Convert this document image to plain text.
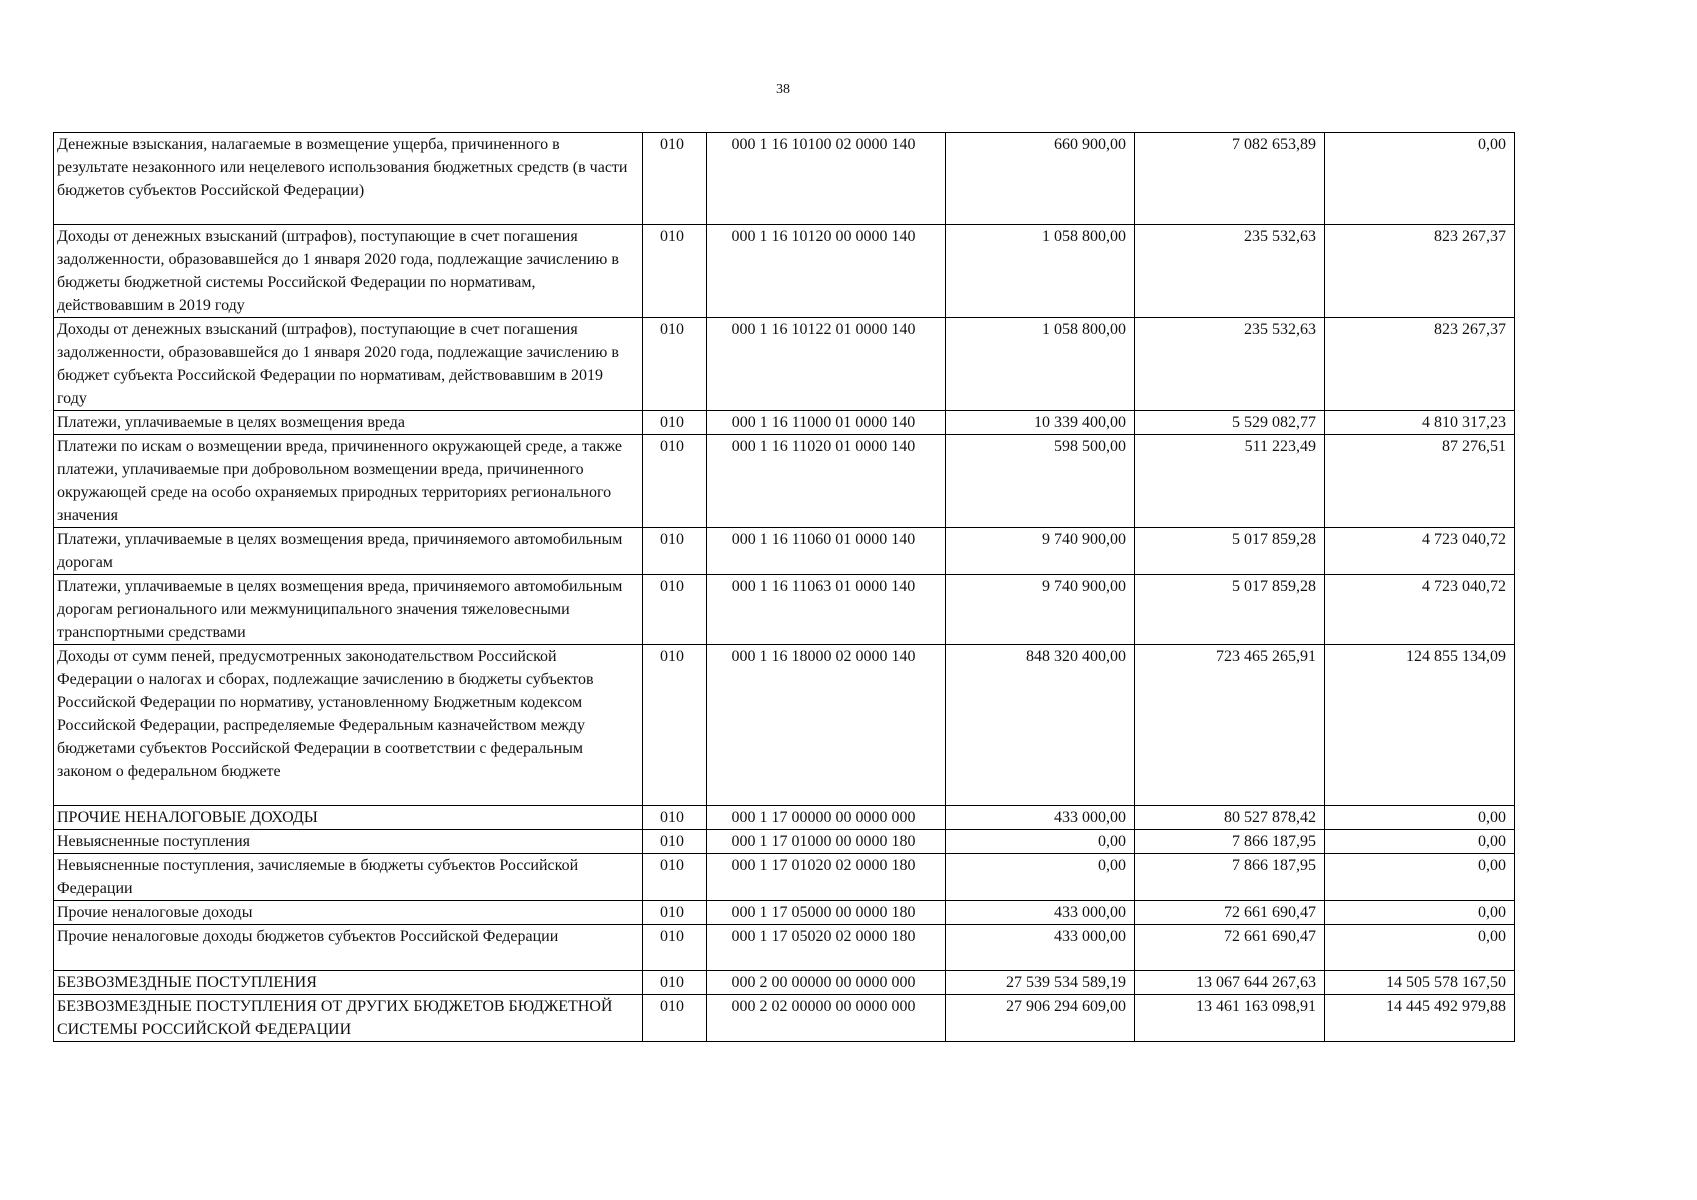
38
Денежные взыскания, налагаемые в возмещение ущерба, причиненного в результате незаконного или нецелевого использования бюджетных средств (в части бюджетов субъектов Российской Федерации)	010	000 1 16 10100 02 0000 140	660 900,00	7 082 653,89	0,00
Доходы от денежных взысканий (штрафов), поступающие в счет погашения задолженности, образовавшейся до 1 января 2020 года, подлежащие зачислению в бюджеты бюджетной системы Российской Федерации по нормативам, действовавшим в 2019 году	010	000 1 16 10120 00 0000 140	1 058 800,00	235 532,63	823 267,37
Доходы от денежных взысканий (штрафов), поступающие в счет погашения задолженности, образовавшейся до 1 января 2020 года, подлежащие зачислению в бюджет субъекта Российской Федерации по нормативам, действовавшим в 2019 году	010	000 1 16 10122 01 0000 140	1 058 800,00	235 532,63	823 267,37
Платежи, уплачиваемые в целях возмещения вреда	010	000 1 16 11000 01 0000 140	10 339 400,00	5 529 082,77	4 810 317,23
Платежи по искам о возмещении вреда, причиненного окружающей среде, а также платежи, уплачиваемые при добровольном возмещении вреда, причиненного окружающей среде на особо охраняемых природных территориях регионального значения	010	000 1 16 11020 01 0000 140	598 500,00	511 223,49	87 276,51
Платежи, уплачиваемые в целях возмещения вреда, причиняемого автомобильным дорогам	010	000 1 16 11060 01 0000 140	9 740 900,00	5 017 859,28	4 723 040,72
Платежи, уплачиваемые в целях возмещения вреда, причиняемого автомобильным дорогам регионального или межмуниципального значения тяжеловесными транспортными средствами	010	000 1 16 11063 01 0000 140	9 740 900,00	5 017 859,28	4 723 040,72
Доходы от сумм пеней, предусмотренных законодательством Российской Федерации о налогах и сборах, подлежащие зачислению в бюджеты субъектов Российской Федерации по нормативу, установленному Бюджетным кодексом Российской Федерации, распределяемые Федеральным казначейством между бюджетами субъектов Российской Федерации в соответствии с федеральным законом о федеральном бюджете	010	000 1 16 18000 02 0000 140	848 320 400,00	723 465 265,91	124 855 134,09
ПРОЧИЕ НЕНАЛОГОВЫЕ ДОХОДЫ	010	000 1 17 00000 00 0000 000	433 000,00	80 527 878,42	0,00
Невыясненные поступления	010	000 1 17 01000 00 0000 180	0,00	7 866 187,95	0,00
Невыясненные поступления, зачисляемые в бюджеты субъектов Российской Федерации	010	000 1 17 01020 02 0000 180	0,00	7 866 187,95	0,00
Прочие неналоговые доходы	010	000 1 17 05000 00 0000 180	433 000,00	72 661 690,47	0,00
Прочие неналоговые доходы бюджетов субъектов Российской Федерации	010	000 1 17 05020 02 0000 180	433 000,00	72 661 690,47	0,00
БЕЗВОЗМЕЗДНЫЕ ПОСТУПЛЕНИЯ	010	000 2 00 00000 00 0000 000	27 539 534 589,19	13 067 644 267,63	14 505 578 167,50
БЕЗВОЗМЕЗДНЫЕ ПОСТУПЛЕНИЯ ОТ ДРУГИХ БЮДЖЕТОВ БЮДЖЕТНОЙ СИСТЕМЫ РОССИЙСКОЙ ФЕДЕРАЦИИ	010	000 2 02 00000 00 0000 000	27 906 294 609,00	13 461 163 098,91	14 445 492 979,88
